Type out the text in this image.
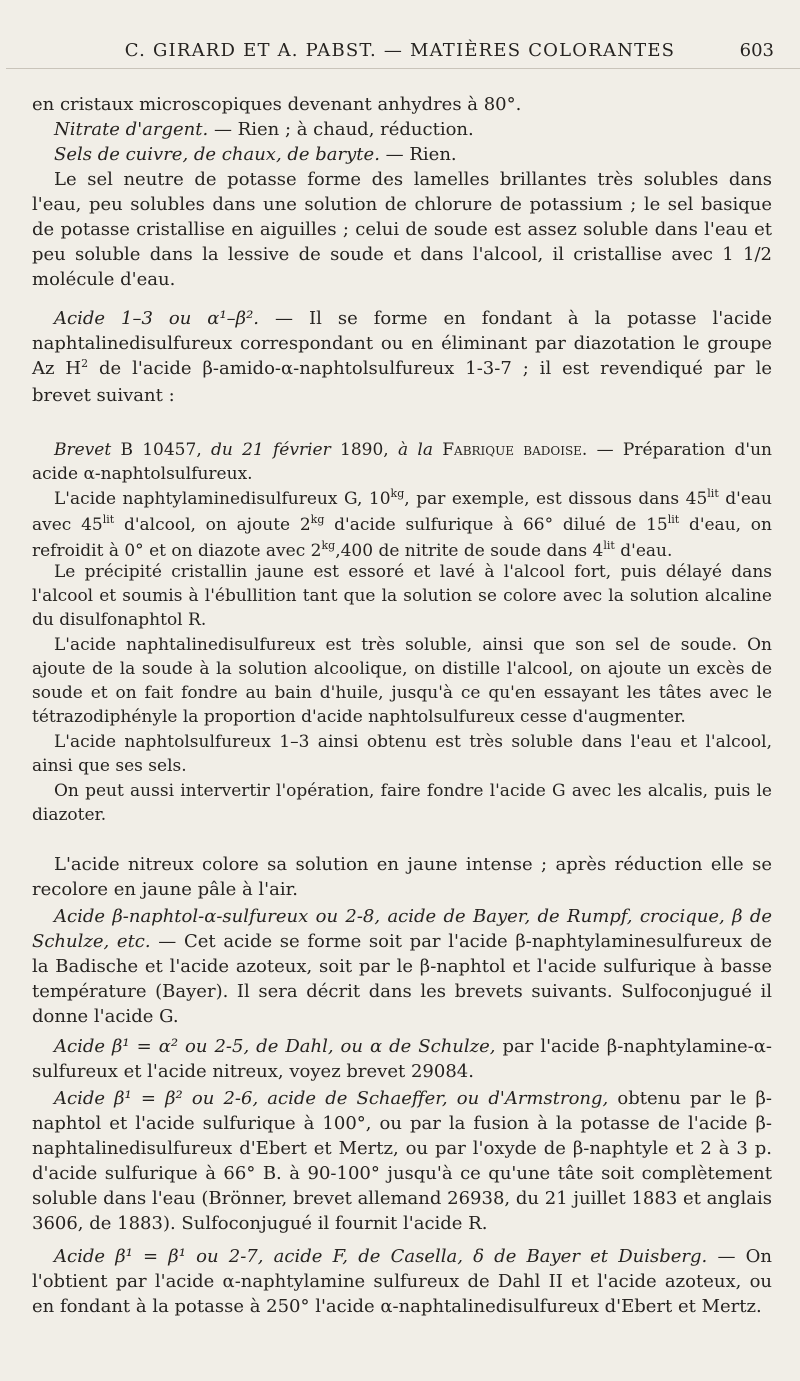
C. GIRARD ET A. PABST. — MATIÈRES COLORANTES	603

en cristaux microscopiques devenant anhydres à 80°.

Nitrate d'argent. — Rien ; à chaud, réduction.

Sels de cuivre, de chaux, de baryte. — Rien.

Le sel neutre de potasse forme des lamelles brillantes très solubles dans l'eau, peu solubles dans une solution de chlorure de potassium ; le sel basique de potasse cristallise en aiguilles ; celui de soude est assez soluble dans l'eau et peu soluble dans la lessive de soude et dans l'alcool, il cristallise avec 1 1/2 molécule d'eau.

Acide 1–3 ou α¹–β². — Il se forme en fondant à la potasse l'acide naphtalinedisulfureux correspondant ou en éliminant par diazotation le groupe Az $H^2$ de l'acide β-amido-α-naphtolsulfureux 1-3-7 ; il est revendiqué par le brevet suivant :

Brevet B 10457, du 21 février 1890, à la Fabrique badoise. — Préparation d'un acide α-naphtolsulfureux.

L'acide naphtylaminedisulfureux G, $10^{kg}$, par exemple, est dissous dans $45^{lit}$ d'eau avec $45^{lit}$ d'alcool, on ajoute $2^{kg}$ d'acide sulfurique à 66° dilué de $15^{lit}$ d'eau, on refroidit à 0° et on diazote avec $2^{kg},400$ de nitrite de soude dans $4^{lit}$ d'eau.

Le précipité cristallin jaune est essoré et lavé à l'alcool fort, puis délayé dans l'alcool et soumis à l'ébullition tant que la solution se colore avec la solution alcaline du disulfonaphtol R.

L'acide naphtalinedisulfureux est très soluble, ainsi que son sel de soude. On ajoute de la soude à la solution alcoolique, on distille l'alcool, on ajoute un excès de soude et on fait fondre au bain d'huile, jusqu'à ce qu'en essayant les tâtes avec le tétrazodiphényle la proportion d'acide naphtolsulfureux cesse d'augmenter.

L'acide naphtolsulfureux 1–3 ainsi obtenu est très soluble dans l'eau et l'alcool, ainsi que ses sels.

On peut aussi intervertir l'opération, faire fondre l'acide G avec les alcalis, puis le diazoter.

L'acide nitreux colore sa solution en jaune intense ; après réduction elle se recolore en jaune pâle à l'air.

Acide β-naphtol-α-sulfureux ou 2-8, acide de Bayer, de Rumpf, crocique, β de Schulze, etc. — Cet acide se forme soit par l'acide β-naphtylaminesulfureux de la Badische et l'acide azoteux, soit par le β-naphtol et l'acide sulfurique à basse température (Bayer). Il sera décrit dans les brevets suivants. Sulfoconjugué il donne l'acide G.

Acide β¹ = α² ou 2-5, de Dahl, ou α de Schulze, par l'acide β-naphtylamine-α-sulfureux et l'acide nitreux, voyez brevet 29084.

Acide β¹ = β² ou 2-6, acide de Schaeffer, ou d'Armstrong, obtenu par le β-naphtol et l'acide sulfurique à 100°, ou par la fusion à la potasse de l'acide β-naphtalinedisulfureux d'Ebert et Mertz, ou par l'oxyde de β-naphtyle et 2 à 3 p. d'acide sulfurique à 66° B. à 90-100° jusqu'à ce qu'une tâte soit complètement soluble dans l'eau (Brönner, brevet allemand 26938, du 21 juillet 1883 et anglais 3606, de 1883). Sulfoconjugué il fournit l'acide R.

Acide β¹ = β¹ ou 2-7, acide F, de Casella, δ de Bayer et Duisberg. — On l'obtient par l'acide α-naphtylamine sulfureux de Dahl II et l'acide azoteux, ou en fondant à la potasse à 250° l'acide α-naphtalinedisulfureux d'Ebert et Mertz.
